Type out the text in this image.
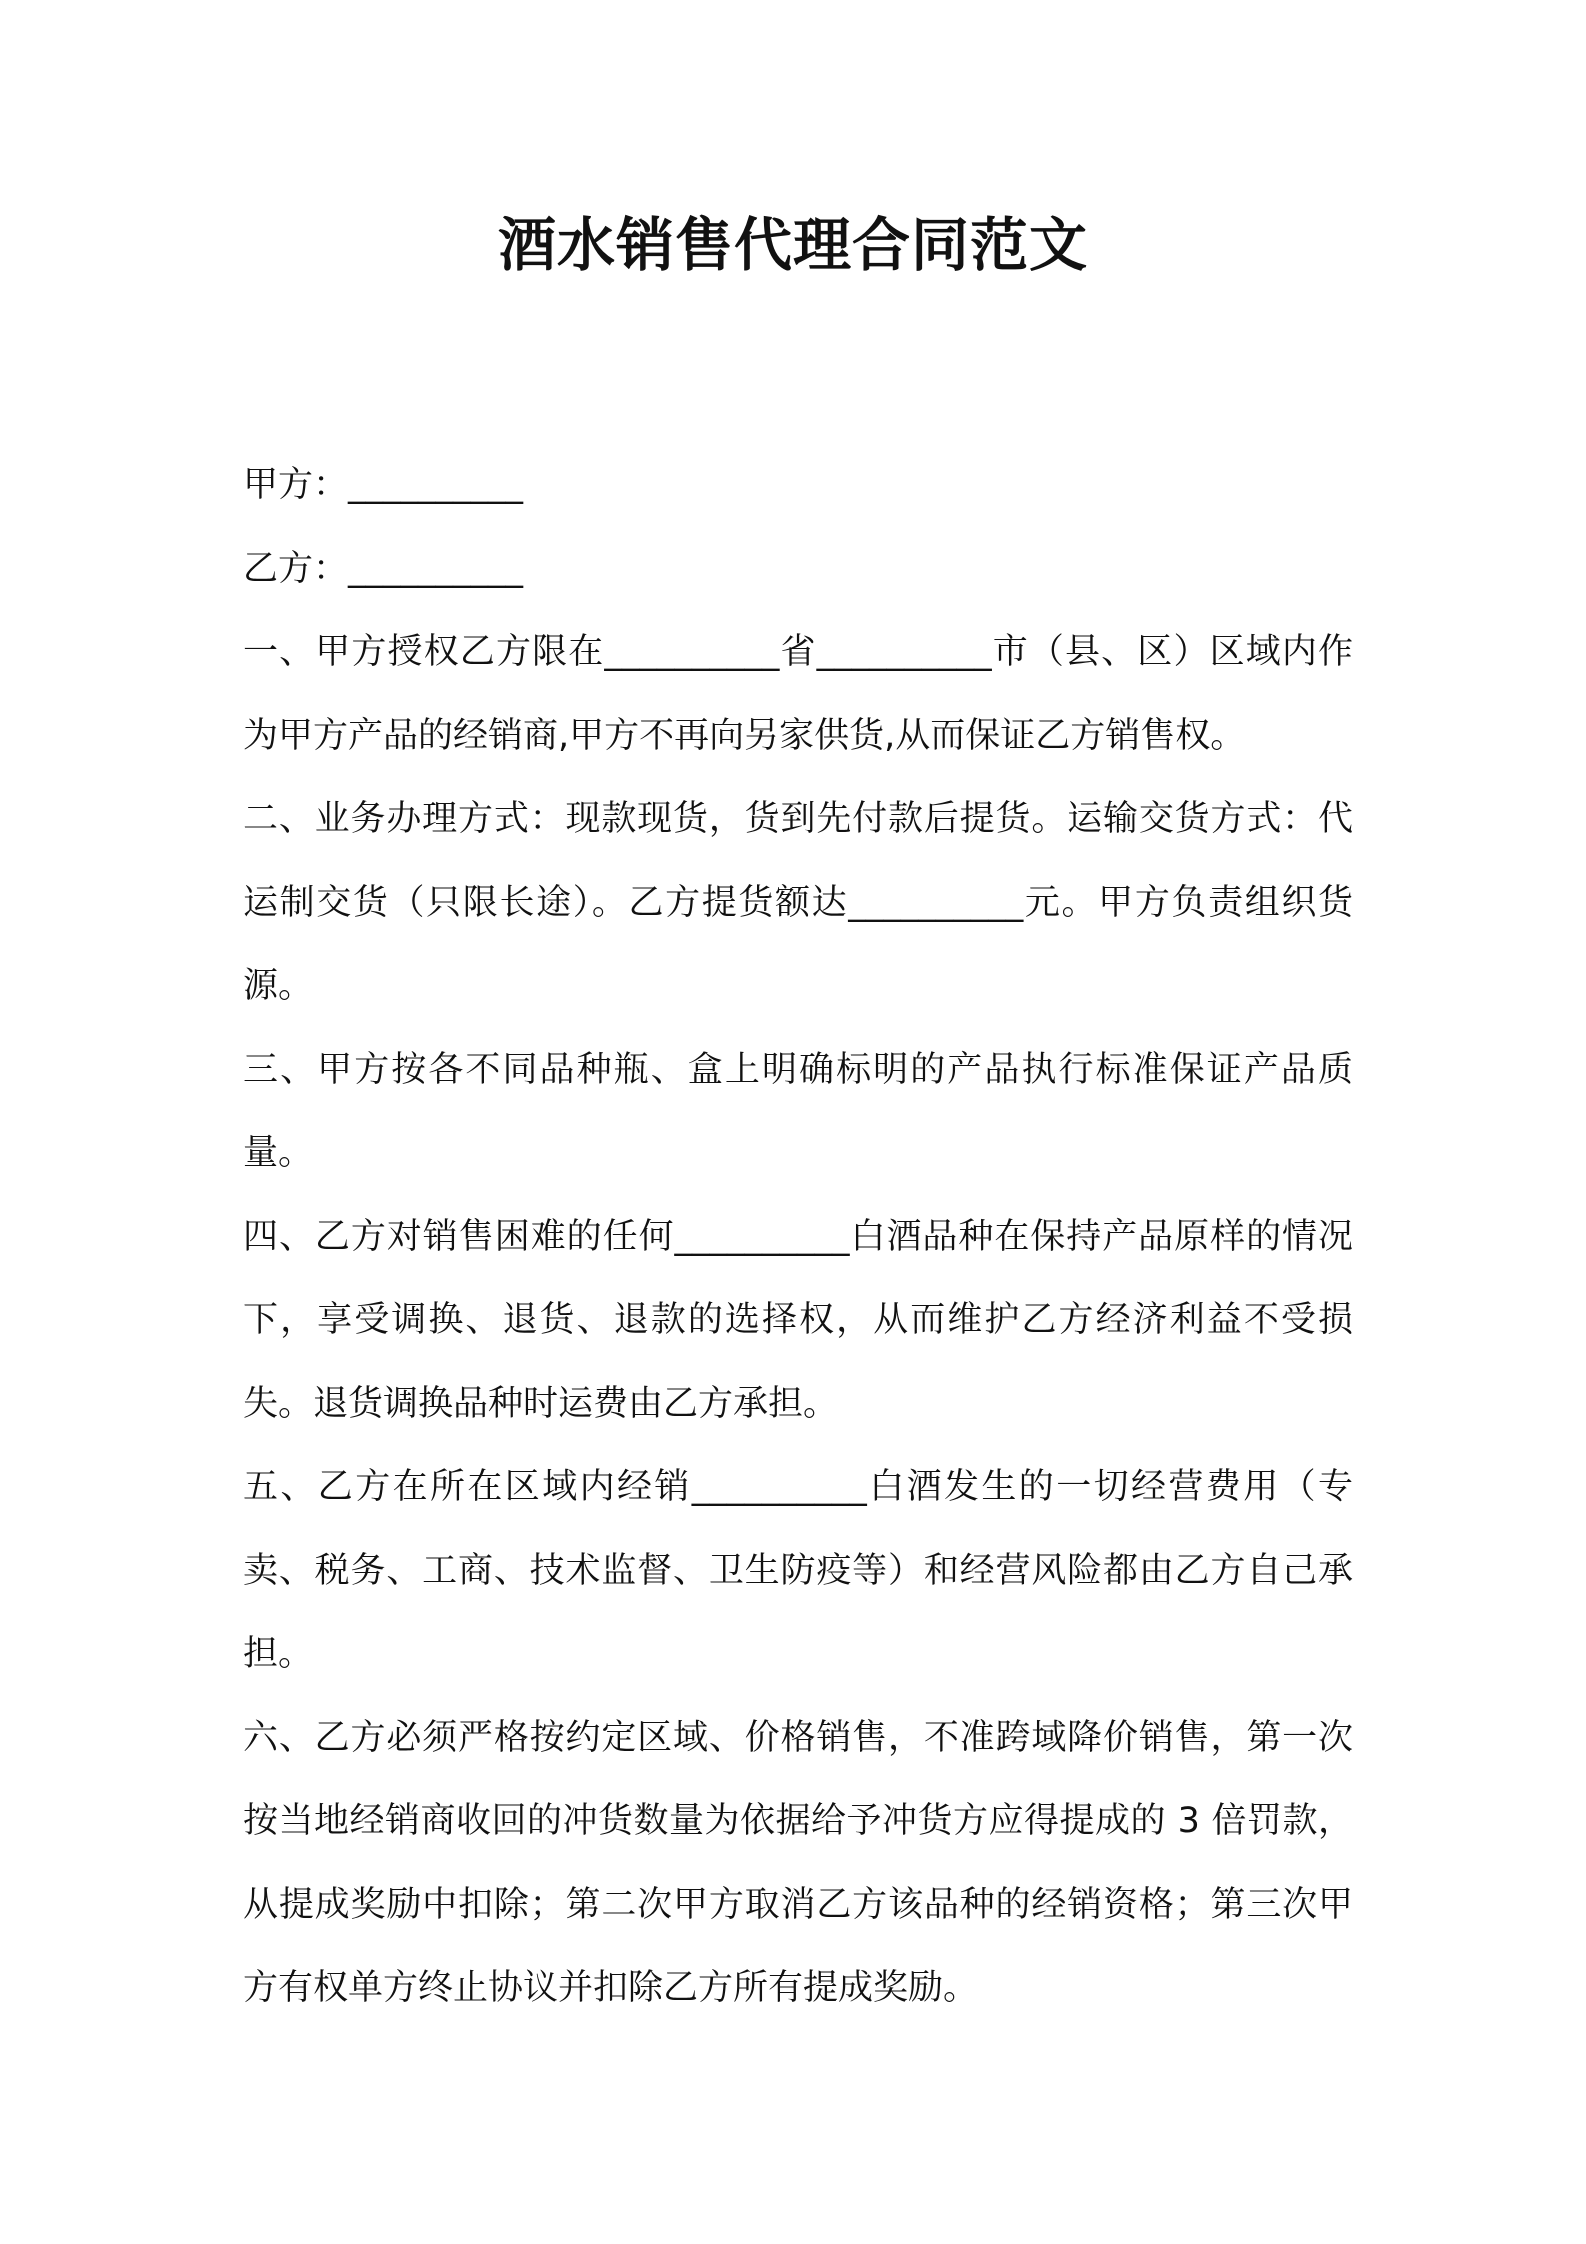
酒水销售代理合同范文

甲方：__________

乙方：__________

一、甲方授权乙方限在__________省__________市（县、区）区域内作为甲方产品的经销商,甲方不再向另家供货,从而保证乙方销售权。

二、业务办理方式：现款现货，货到先付款后提货。运输交货方式：代运制交货（只限长途）。乙方提货额达__________元。甲方负责组织货源。

三、甲方按各不同品种瓶、盒上明确标明的产品执行标准保证产品质量。

四、乙方对销售困难的任何__________白酒品种在保持产品原样的情况下，享受调换、退货、退款的选择权，从而维护乙方经济利益不受损失。退货调换品种时运费由乙方承担。

五、乙方在所在区域内经销__________白酒发生的一切经营费用（专卖、税务、工商、技术监督、卫生防疫等）和经营风险都由乙方自己承担。

六、乙方必须严格按约定区域、价格销售，不准跨域降价销售，第一次按当地经销商收回的冲货数量为依据给予冲货方应得提成的 3 倍罚款，从提成奖励中扣除；第二次甲方取消乙方该品种的经销资格；第三次甲方有权单方终止协议并扣除乙方所有提成奖励。
